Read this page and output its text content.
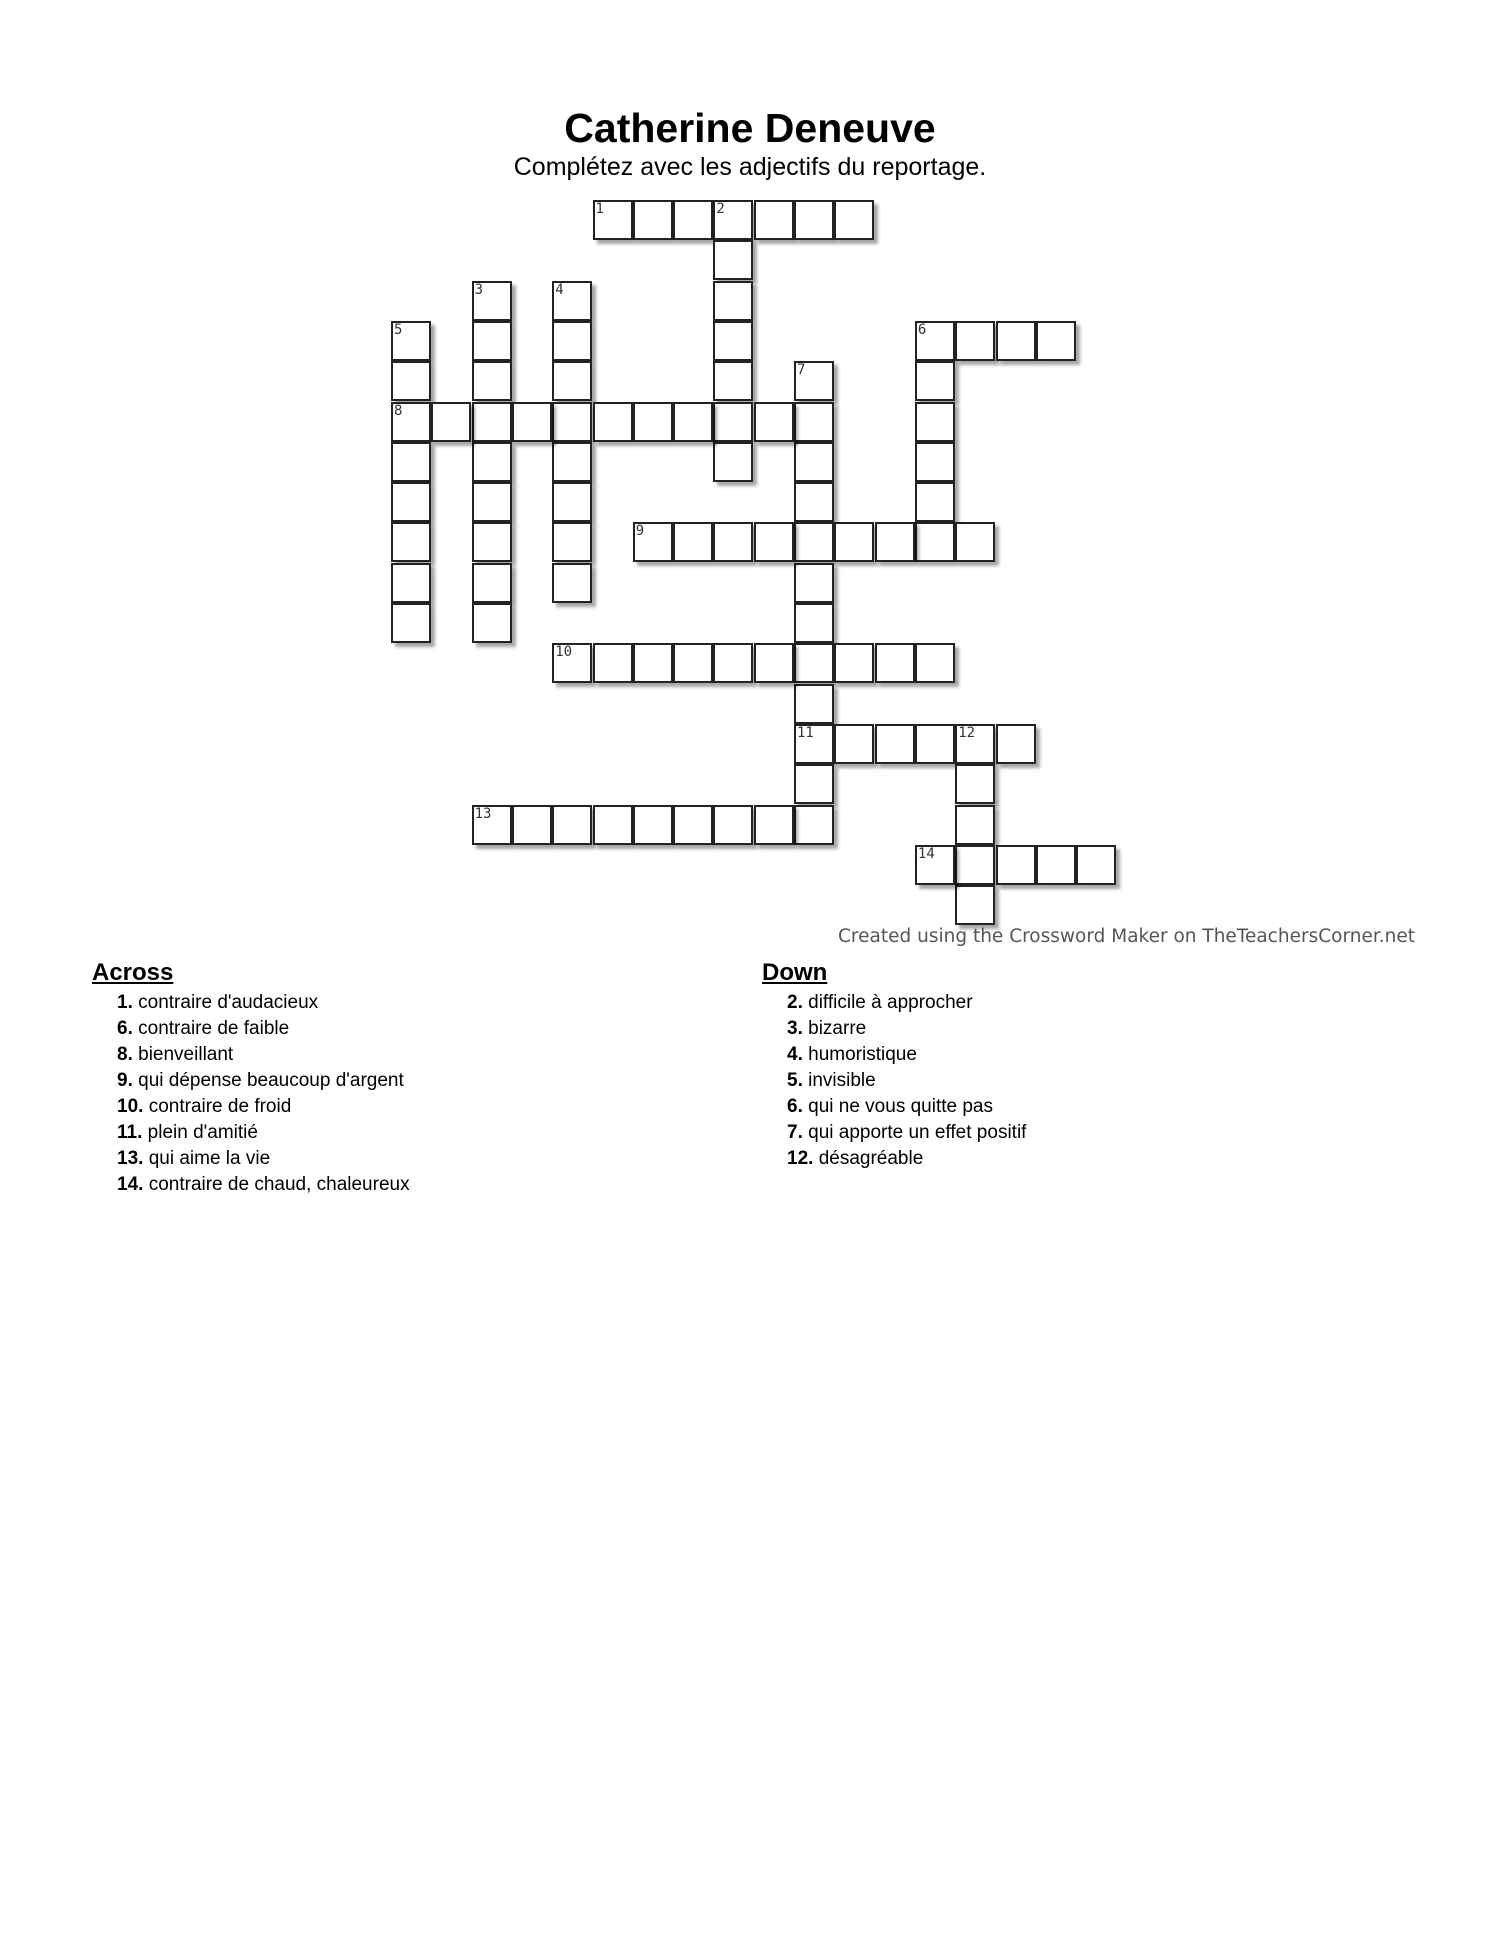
Catherine Deneuve

Complétez avec les adjectifs du reportage.

1	2
3	4
5
8
6
7
11
9
10
12
13
14
Created using the Crossword Maker on TheTeachersCorner.net
Across
1. contraire d'audacieux
6. contraire de faible
8. bienveillant
9. qui dépense beaucoup d'argent
10. contraire de froid
11. plein d'amitié
13. qui aime la vie
14. contraire de chaud, chaleureux
Down
2. difficile à approcher
3. bizarre
4. humoristique
5. invisible
6. qui ne vous quitte pas
7. qui apporte un effet positif
12. désagréable
